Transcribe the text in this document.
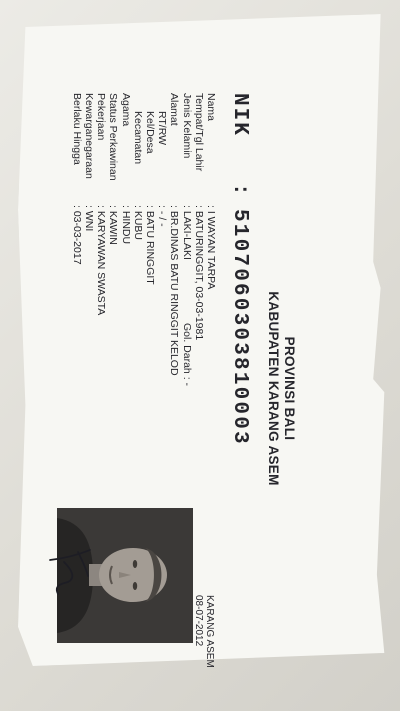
PROVINSI BALI
KABUPATEN KARANG ASEM
NIK
:
5107060303810003
Nama
: I WAYAN TARPA
Tempat/Tgl Lahir
: BATURINGGIT, 03-03-1981
Jenis Kelamin
: LAKI-LAKI
Gol. Darah : -
Alamat
: BR.DINAS BATU RINGGIT KELOD
RT/RW
: - / -
Kel/Desa
: BATU RINGGIT
Kecamatan
: KUBU
Agama
: HINDU
Status Perkawinan
: KAWIN
Pekerjaan
: KARYAWAN SWASTA
Kewarganegaraan
: WNI
Berlaku Hingga
: 03-03-2017
KARANG ASEM
08-07-2012
